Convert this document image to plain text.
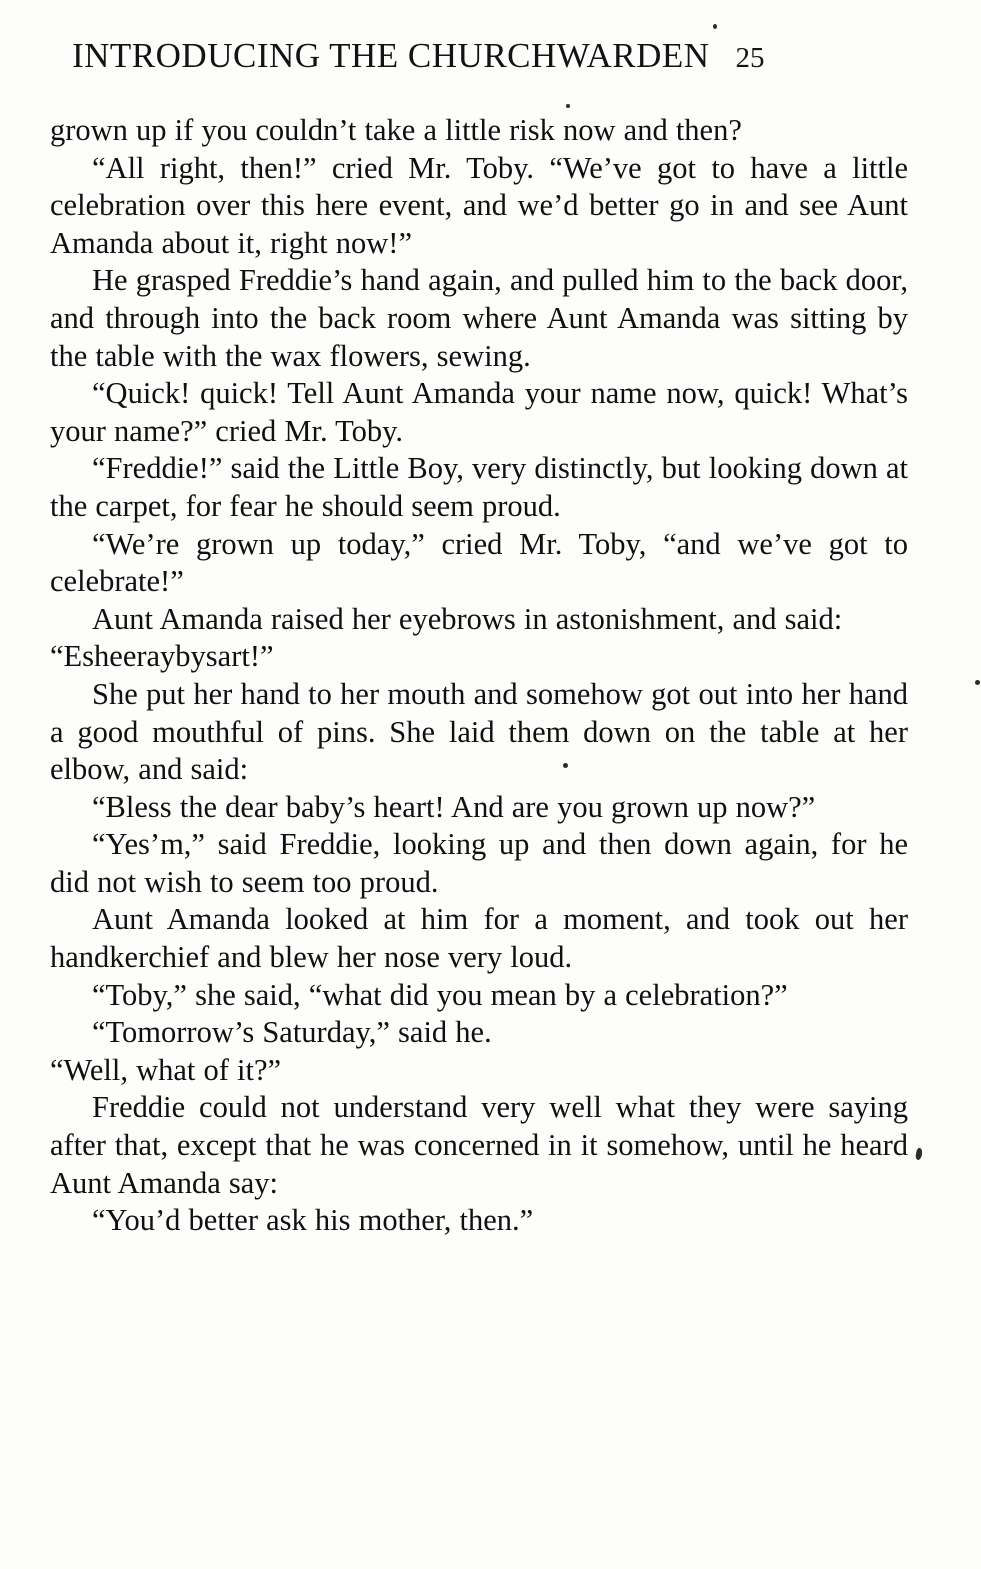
INTRODUCING THE CHURCHWARDEN 25

grown up if you couldn’t take a little risk now and then?

“All right, then!” cried Mr. Toby. “We’ve got to have a little celebration over this here event, and we’d better go in and see Aunt Amanda about it, right now!”

He grasped Freddie’s hand again, and pulled him to the back door, and through into the back room where Aunt Amanda was sitting by the table with the wax flowers, sewing.

“Quick! quick! Tell Aunt Amanda your name now, quick! What’s your name?” cried Mr. Toby.

“Freddie!” said the Little Boy, very distinctly, but looking down at the carpet, for fear he should seem proud.

“We’re grown up today,” cried Mr. Toby, “and we’ve got to celebrate!”

Aunt Amanda raised her eyebrows in astonishment, and said:

“Esheeraybysart!”

She put her hand to her mouth and somehow got out into her hand a good mouthful of pins. She laid them down on the table at her elbow, and said:

“Bless the dear baby’s heart! And are you grown up now?”

“Yes’m,” said Freddie, looking up and then down again, for he did not wish to seem too proud.

Aunt Amanda looked at him for a moment, and took out her handkerchief and blew her nose very loud.

“Toby,” she said, “what did you mean by a celebration?”

“Tomorrow’s Saturday,” said he.

“Well, what of it?”

Freddie could not understand very well what they were saying after that, except that he was concerned in it somehow, until he heard Aunt Amanda say:

“You’d better ask his mother, then.”
